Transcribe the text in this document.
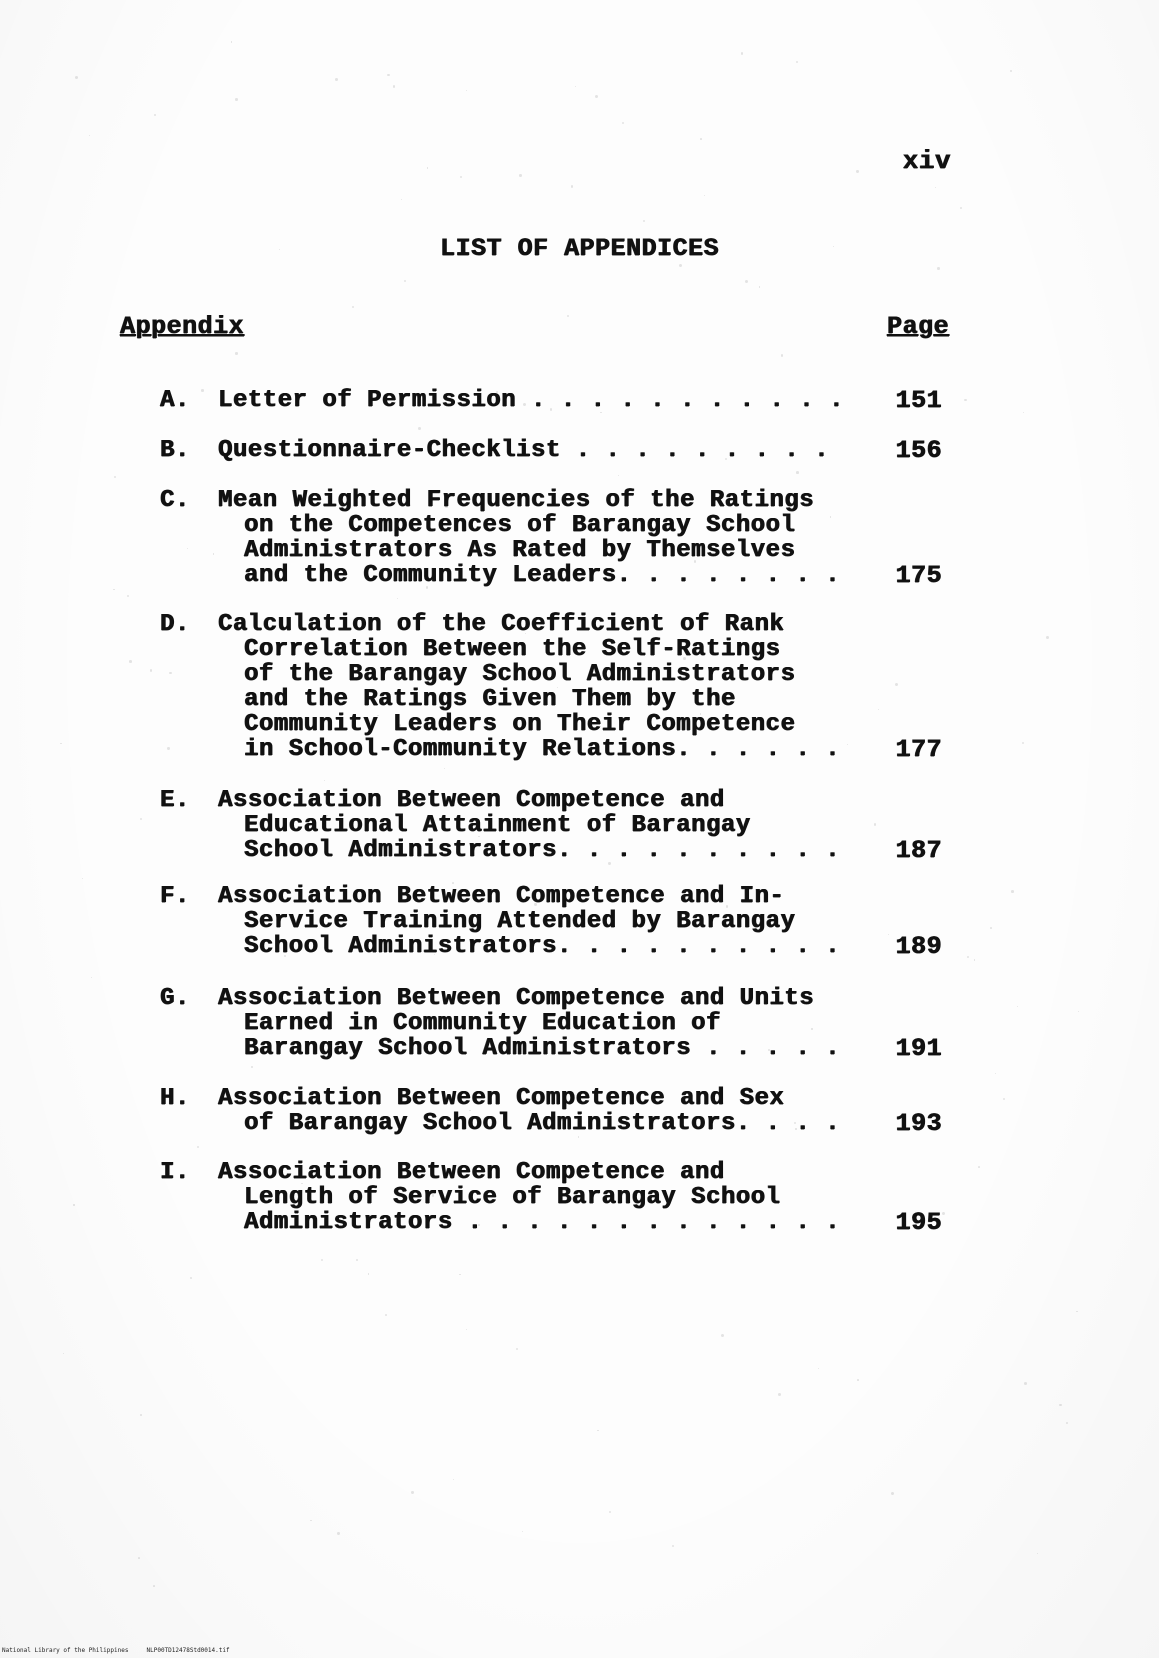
xiv
LIST OF APPENDICES
Appendix	Page
A. Letter of Permission . . . . . . . . . . . 151
B. Questionnaire-Checklist . . . . . . . . .	156
C. Mean Weighted Frequencies of the Ratings
on the Competences of Barangay School
Administrators As Rated by Themselves
and the Community Leaders. . . . . . . . 175
D. Calculation of the Coefficient of Rank
Correlation Between the Self-Ratings
of the Barangay School Administrators
and the Ratings Given Them by the
Community Leaders on Their Competence
in School-Community Relations. . . . . . 177
E. Association Between Competence and
Educational Attainment of Barangay
School Administrators. . . . . . . . . . 187
F. Association Between Competence and In-
Service Training Attended by Barangay
School Administrators. . . . . . . . . . 189
G. Association Between Competence and Units
Earned in Community Education of
Barangay School Administrators . . . . . 191
H. Association Between Competence and Sex
of Barangay School Administrators. . . . 193
I. Association Between Competence and
Length of Service of Barangay School
Administrators . . . . . . . . . . . . . 195
National Library of the Philippines	NLP00TD12478Std0014.tif
